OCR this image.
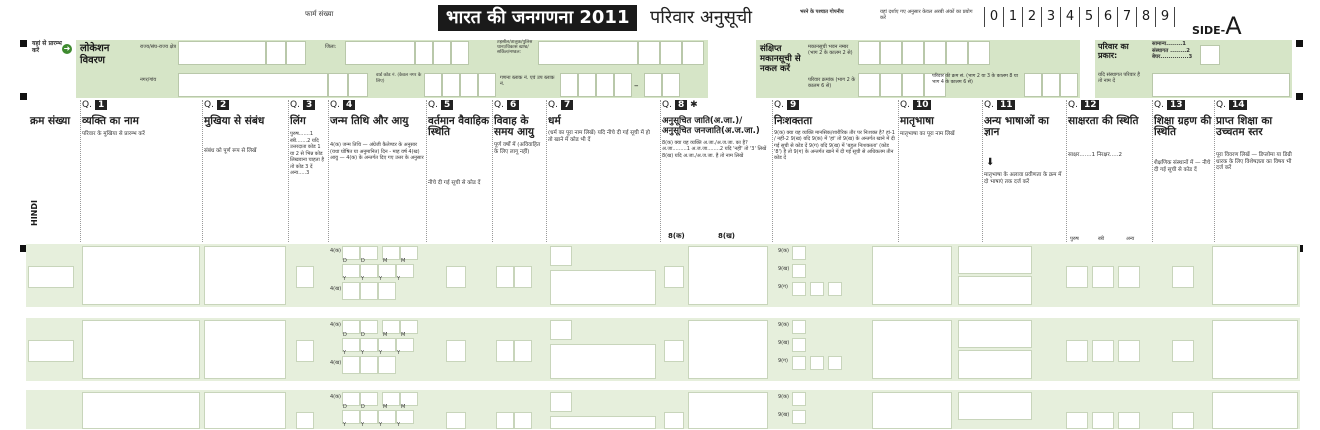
फार्म संख्या	भारत की जनगणना 2011	परिवार अनुसूची	भरने के पश्चात गोपनीय	यहां दर्शाए गए अनुसार केवल अरबी अंकों का प्रयोग करें	0 1 2 3 4 5 6 7 8 9
SIDE-A
यहां से प्रारम्भ करें	➜ लोकेशन विवरण
राज्य/संघ-राज्य क्षेत्र	जिला:
तहसील/तालुक/पुलिस थाना/विकास खण्ड/सर्किल/मण्डल:
नगर/गांव
वार्ड कोड नं. (केवल नगर के लिए)	गणना ब्लाक नं. एवं उप ब्लाक नं.	–
संक्षिप्त मकानसूची से नकल करें
मकानसूची भवन नम्बर (भाग 2 के कालम 2 से)
परिवार क्रमांक (भाग 2 के कालम 6 से)
परिवार की क्रम सं. (भाग 2 या 3 के कालम 8 या भाग 4 के कालम 6 से)
परिवार का प्रकार:
सामान्य........1
संस्थागत ........2
बेघर..............3
यदि संस्थागत परिवार है तो नाम दें
क्रम संख्या
HINDI
Q. 1
व्यक्ति का नाम
परिवार के मुखिया से प्रारम्भ करें
Q. 2
मुखिया से संबंध
संबंध को पूर्ण रूप से लिखें
Q. 3
लिंग
पुरुष.......1 स्त्री.......2 यदि उत्तरदाता कोड 1 या 2 से भिन्न कोड लिखवाना चाहता है तो कोड 3 दें अन्य.....3
Q. 4
जन्म तिथि और आयु
4(क) जन्म तिथि — अंग्रेजी कैलेण्डर के अनुसार (यथा घोषित या अनुमानित) दिन - माह वर्ष 4(ख) आयु — 4(क) के अन्तर्गत दिए गए उत्तर के अनुसार
Q. 5
वर्तमान वैवाहिक स्थिति
नीचे दी गई सूची से कोड दें
Q. 6
विवाह के समय आयु
पूर्ण वर्षों में (अविवाहित के लिए लागू नहीं)
Q. 7
धर्म
(धर्म का पूरा नाम लिखें) यदि नीचे दी गई सूची में हो तो खाने में कोड भी दें
Q. 8 ✱
अनुसूचित जाति(अ.जा.)/ अनुसूचित जनजाति(अ.ज.जा.)
8(क) क्या यह व्यक्ति अ.जा./अ.ज.जा. का है? अ.जा.........1 अ.ज.जा........2 यदि 'नहीं' तो '3' लिखें 8(ख) यदि अ.जा./अ.ज.जा. है तो नाम लिखें
8(क)	8(ख)
Q. 9
निःशक्तता
9(क) क्या यह व्यक्ति मानसिक/शारीरिक तौर पर निःशक्त है? हां-1 / नहीं-2 9(ख) यदि 9(क) में 'हां' तो 9(ख) के अन्तर्गत खाने में दी गई सूची से कोड दें 9(ग) यदि 9(ख) में 'बहुल निःशक्तता' (कोड '8') है तो 9(ग) के अन्तर्गत खाने में दी गई सूची से अधिकतम तीन कोड दें
Q. 10
मातृभाषा
मातृभाषा का पूरा नाम लिखें
Q. 11
अन्य भाषाओं का ज्ञान
⬇
मातृभाषा के अलावा प्रवीणता के क्रम में दो भाषाएं तक दर्ज करें
Q. 12
साक्षरता की स्थिति
साक्षर.......1 निरक्षर.....2
पुरुष	स्त्री	अन्य
Q. 13
शिक्षा ग्रहण की स्थिति
शैक्षणिक संस्थानों में — नीचे दी गई सूची से कोड दें
Q. 14
प्राप्त शिक्षा का उच्चतम स्तर
पूरा विवरण लिखें — डिप्लोमा या डिग्री धारक के लिए विशेषज्ञता का विषय भी दर्ज करें
4(क)
D	D	M	M
Y	Y	Y	Y
4(ख)
9(क)
9(ख)
9(ग)
4(क)
D	D	M	M
Y	Y	Y	Y
4(ख)
9(क)
9(ख)
9(ग)
4(क)
D	D	M	M
Y	Y	Y	Y
9(क)
9(ख)
